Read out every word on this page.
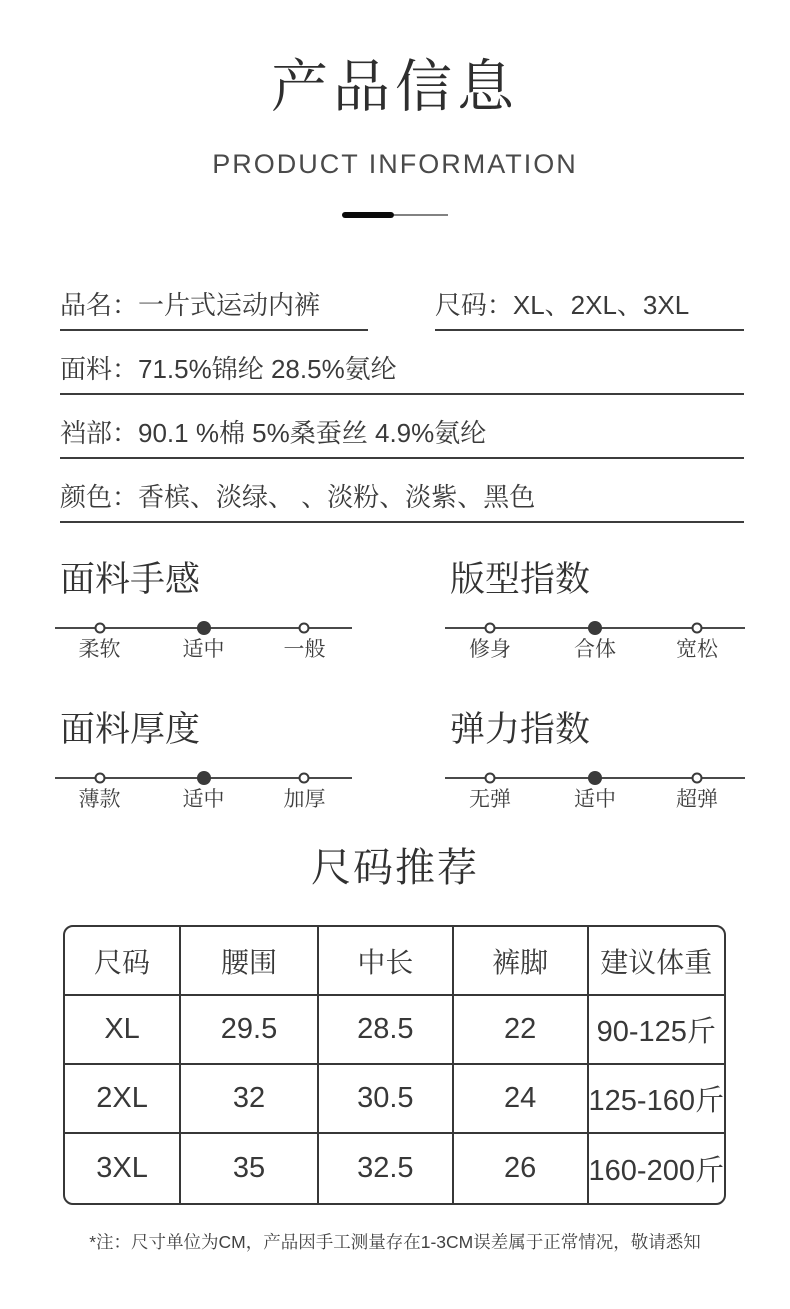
产品信息
PRODUCT INFORMATION
品名： 一片式运动内裤	尺码： XL、2XL、3XL
面料： 71.5%锦纶 28.5%氨纶
裆部： 90.1 %棉 5%桑蚕丝 4.9%氨纶
颜色： 香槟、淡绿、 、淡粉、淡紫、黑色
面料手感
柔软	适中	一般
版型指数
修身	合体	宽松
面料厚度
薄款	适中	加厚
弹力指数
无弹	适中	超弹
尺码推荐
尺码	腰围	中长	裤脚	建议体重
XL	29.5	28.5	22	90-125斤
2XL	32	30.5	24	125-160斤
3XL	35	32.5	26	160-200斤
*注：尺寸单位为CM，产品因手工测量存在1-3CM误差属于正常情况，敬请悉知
